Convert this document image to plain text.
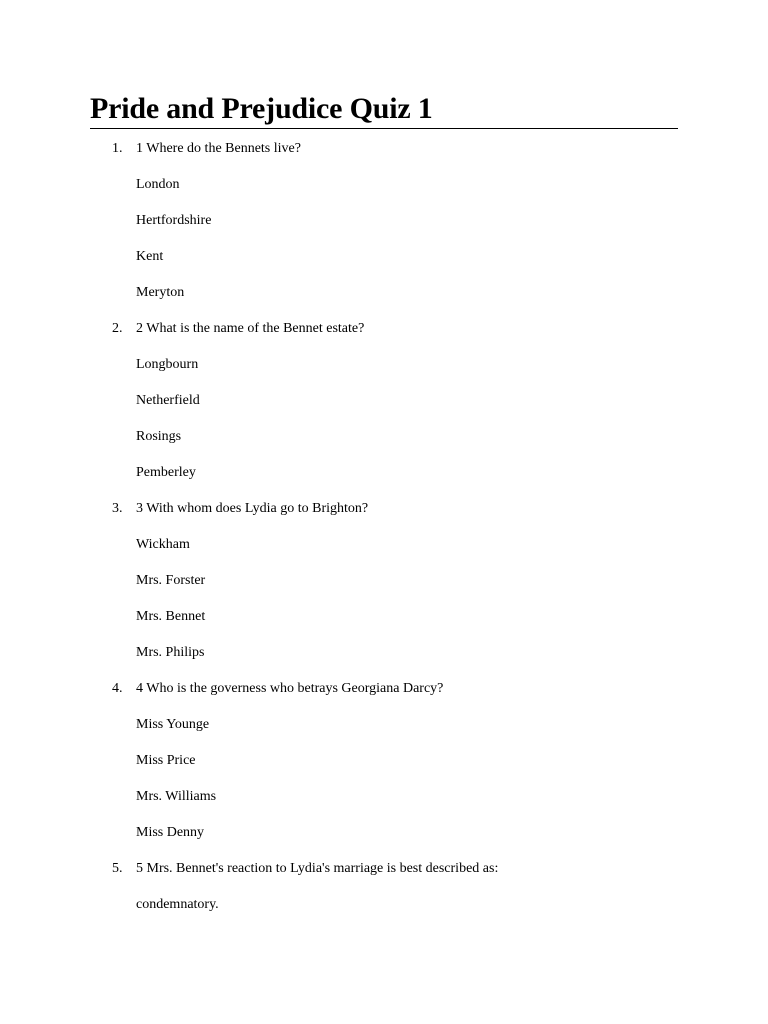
Pride and Prejudice Quiz 1
1. 1 Where do the Bennets live?
London
Hertfordshire
Kent
Meryton
2. 2 What is the name of the Bennet estate?
Longbourn
Netherfield
Rosings
Pemberley
3. 3 With whom does Lydia go to Brighton?
Wickham
Mrs. Forster
Mrs. Bennet
Mrs. Philips
4. 4 Who is the governess who betrays Georgiana Darcy?
Miss Younge
Miss Price
Mrs. Williams
Miss Denny
5. 5 Mrs. Bennet's reaction to Lydia's marriage is best described as:
condemnatory.
